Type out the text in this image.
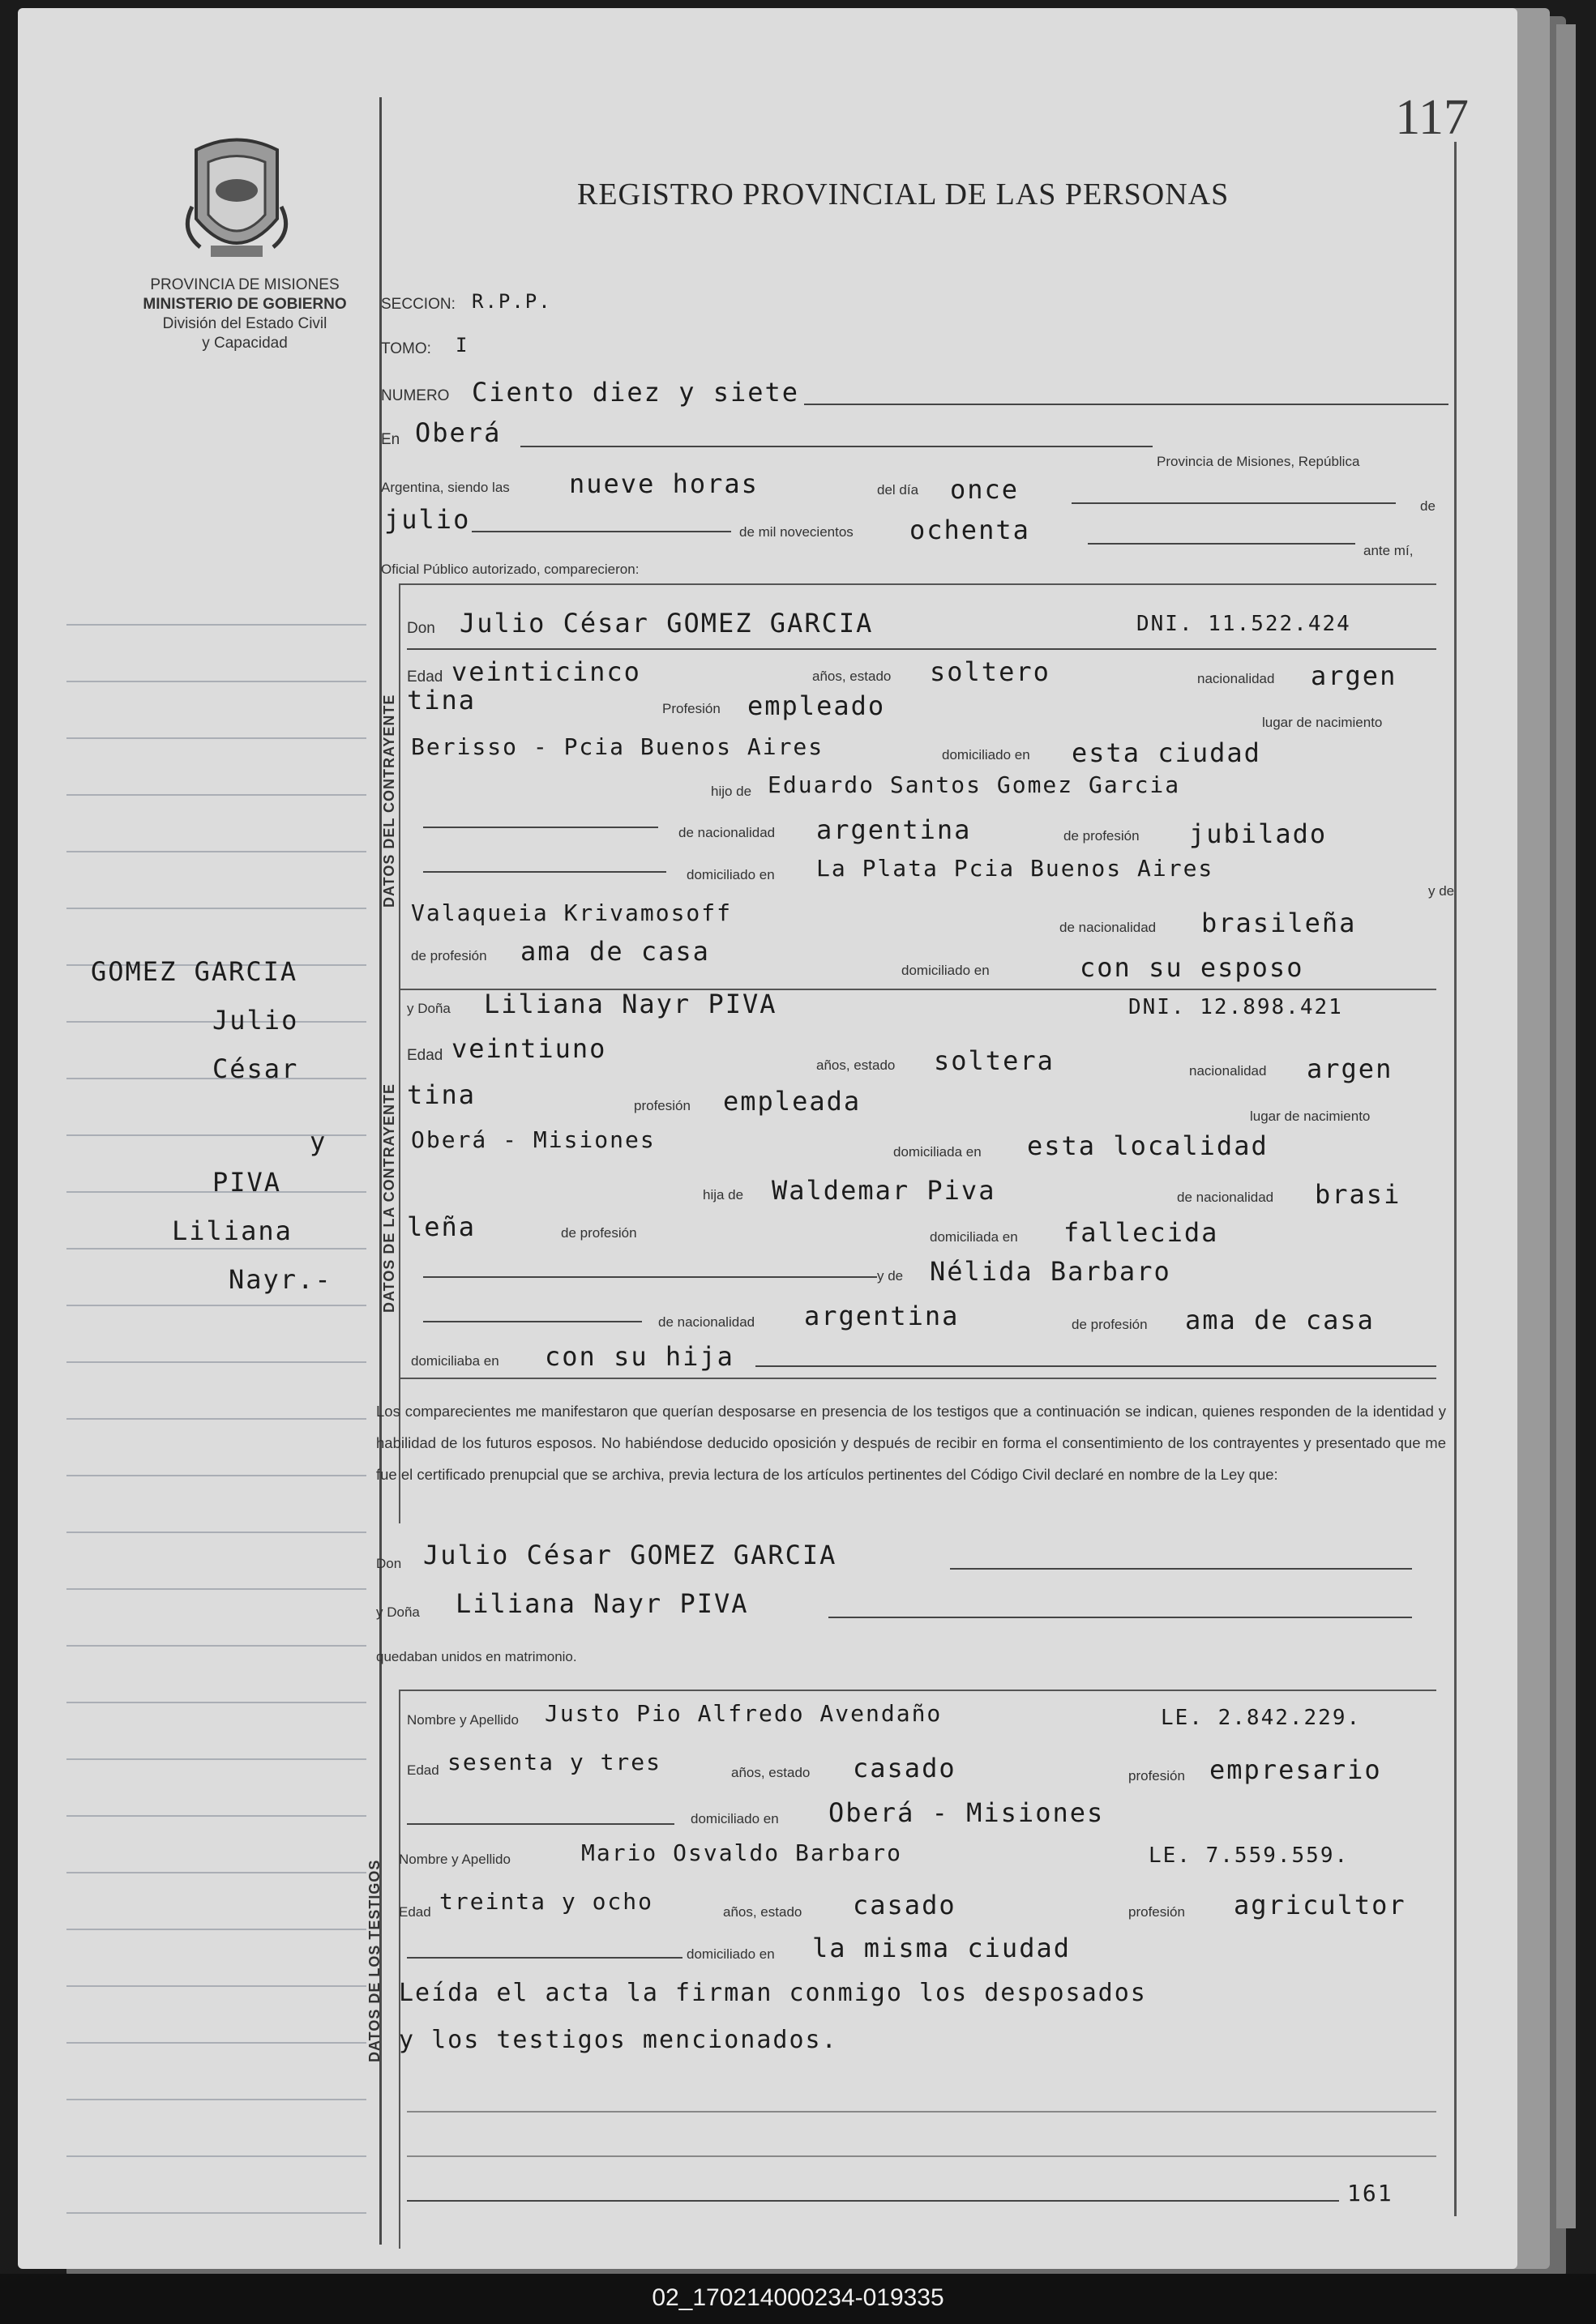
117
PROVINCIA DE MISIONES
MINISTERIO DE GOBIERNO
División del Estado Civil
y Capacidad
REGISTRO PROVINCIAL DE LAS PERSONAS
SECCION: R.P.P.
TOMO: I
NUMERO Ciento diez y siete
En Oberá
Provincia de Misiones, República
Argentina, siendo las nueve horas	del día once
de
julio	de mil novecientos ochenta
ante mí,
Oficial Público autorizado, comparecieron:
DATOS DEL CONTRAYENTE
Don Julio César GOMEZ GARCIA	DNI. 11.522.424
Edad veinticinco	años, estado soltero	nacionalidad argen
tina	Profesión empleado
lugar de nacimiento
Berisso - Pcia Buenos Aires	domiciliado en esta ciudad
hijo de Eduardo Santos Gomez Garcia
de nacionalidad argentina	de profesión jubilado
domiciliado en La Plata Pcia Buenos Aires
y de
Valaqueia Krivamosoff
de nacionalidad brasileña
de profesión ama de casa
domiciliado en	con su esposo
DATOS DE LA CONTRAYENTE
y Doña Liliana Nayr PIVA	DNI. 12.898.421
Edad veintiuno
años, estado soltera	nacionalidad argen
tina	profesión empleada	lugar de nacimiento
Oberá - Misiones	domiciliada en esta localidad
hija de Waldemar Piva	de nacionalidad brasi
leña	de profesión	domiciliada en fallecida
y de Nélida Barbaro
de nacionalidad argentina	de profesión ama de casa
domiciliaba en con su hija
Los comparecientes me manifestaron que querían desposarse en presencia de los testigos que a continuación se indican, quienes responden de la identidad y habilidad de los futuros esposos. No habiéndose deducido oposición y después de recibir en forma el consentimiento de los contrayentes y presentado que me fue el certificado prenupcial que se archiva, previa lectura de los artículos pertinentes del Código Civil declaré en nombre de la Ley que:
Don Julio César GOMEZ GARCIA
y Doña Liliana Nayr PIVA
quedaban unidos en matrimonio.
DATOS DE LOS TESTIGOS
Nombre y Apellido Justo Pio Alfredo Avendaño	LE. 2.842.229.
Edad sesenta y tres	años, estado casado	profesión empresario
domiciliado en Oberá - Misiones
Nombre y Apellido	Mario Osvaldo Barbaro	LE. 7.559.559.
Edad treinta y ocho	años, estado casado	profesión agricultor
domiciliado en la misma ciudad
Leída el acta la firman conmigo los desposados
y los testigos mencionados.
161
GOMEZ GARCIA
Julio
César
y
PIVA
Liliana
Nayr.-
02_170214000234-019335
